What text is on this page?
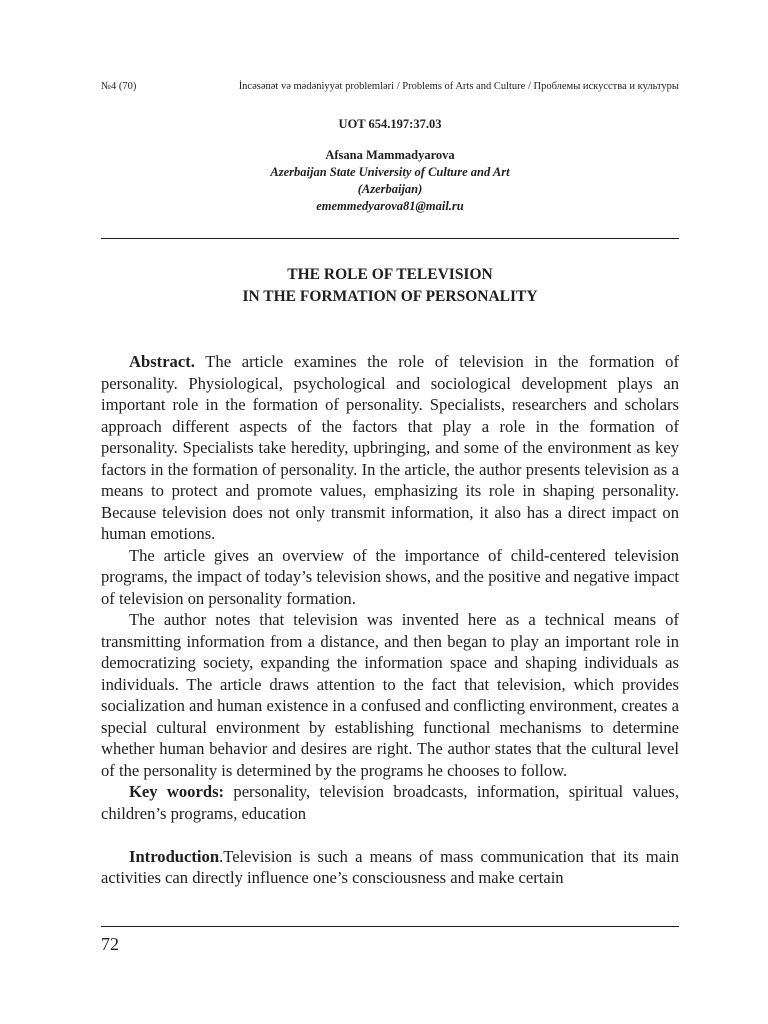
№4 (70)	İncəsənət və mədəniyyət problemləri / Problems of Arts and Culture / Проблемы искусства и культуры
UOT 654.197:37.03
Afsana Mammadyarova
Azerbaijan State University of Culture and Art
(Azerbaijan)
ememmedyarova81@mail.ru
THE ROLE OF TELEVISION
IN THE FORMATION OF PERSONALITY

Abstract. The article examines the role of television in the formation of personality. Physiological, psychological and sociological development plays an important role in the formation of personality. Specialists, researchers and scholars approach different aspects of the factors that play a role in the formation of personality. Specialists take heredity, upbringing, and some of the environment as key factors in the formation of personality. In the article, the author presents television as a means to protect and promote values, emphasizing its role in shaping personality. Because television does not only transmit information, it also has a direct impact on human emotions.

The article gives an overview of the importance of child-centered television programs, the impact of today’s television shows, and the positive and negative impact of television on personality formation.

The author notes that television was invented here as a technical means of transmitting information from a distance, and then began to play an important role in democratizing society, expanding the information space and shaping individuals as individuals. The article draws attention to the fact that television, which provides socialization and human existence in a confused and conflicting environment, creates a special cultural environment by establishing functional mechanisms to determine whether human behavior and desires are right. The author states that the cultural level of the personality is determined by the programs he chooses to follow.

Key woords: personality, television broadcasts, information, spiritual values, children’s programs, education

Introduction.Television is such a means of mass communication that its main activities can directly influence one’s consciousness and make certain

72
